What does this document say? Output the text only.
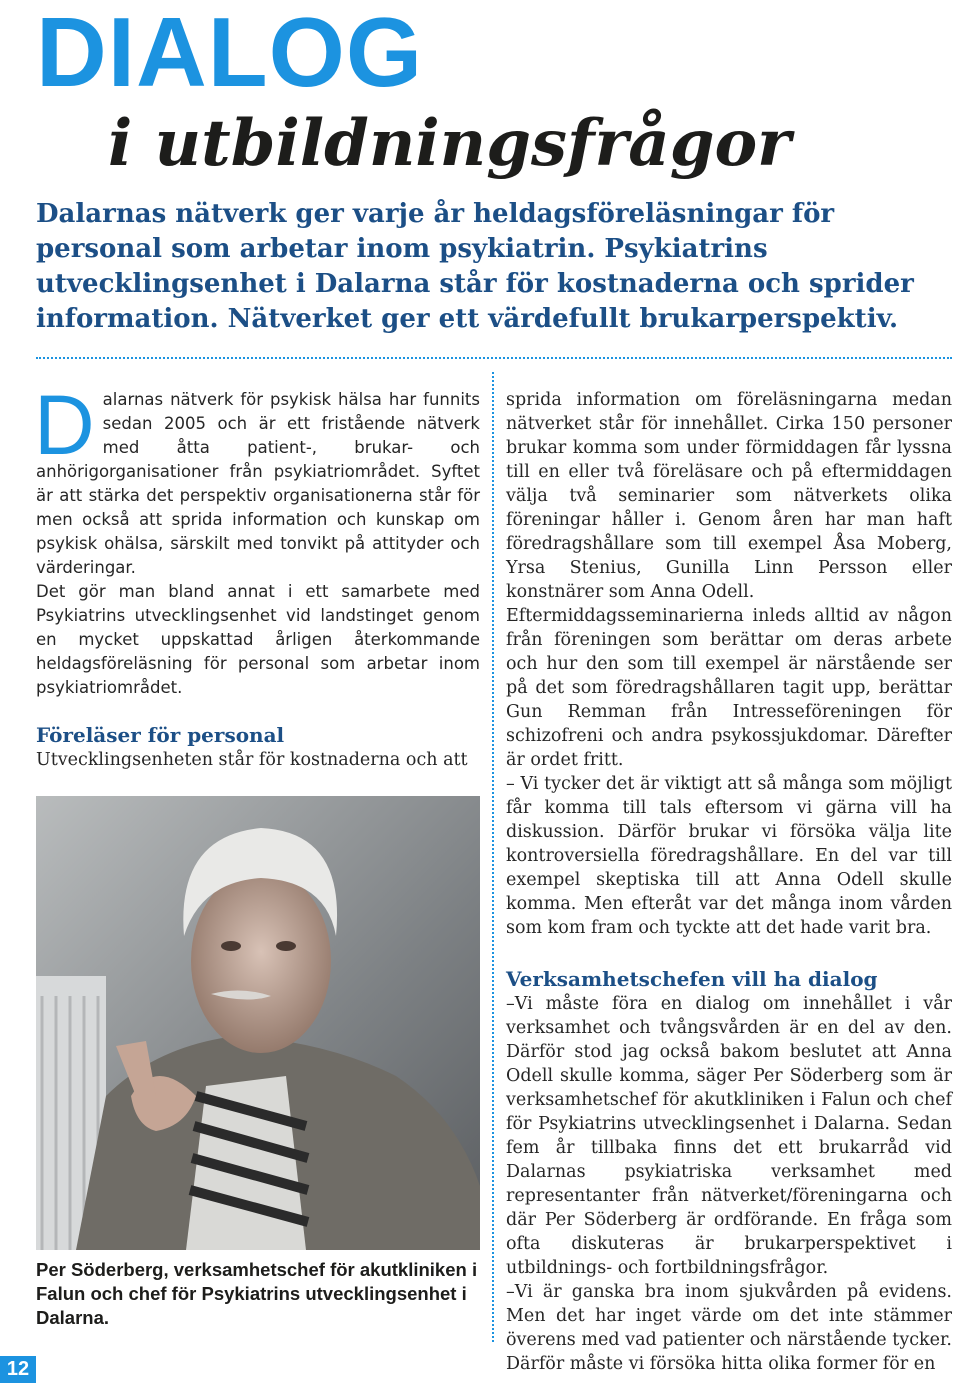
DIALOG
i utbildningsfrågor

Dalarnas nätverk ger varje år heldagsföreläsningar för personal som arbetar inom psykiatrin. Psykiatrins utvecklingsenhet i Dalarna står för kostnaderna och sprider information. Nätverket ger ett värdefullt brukarperspektiv.

Dalarnas nätverk för psykisk hälsa har funnits sedan 2005 och är ett fristående nätverk med åtta patient-, brukar- och anhörigorganisationer från psykiatriområdet. Syftet är att stärka det perspektiv organisationerna står för men också att sprida information och kunskap om psykisk ohälsa, särskilt med tonvikt på attityder och värderingar.

Det gör man bland annat i ett samarbete med Psykiatrins utvecklingsenhet vid landstinget genom en mycket uppskattad årligen återkommande heldagsföreläsning för personal som arbetar inom psykiatriområdet.

Föreläser för personal

Utvecklingsenheten står för kostnaderna och att

Per Söderberg, verksamhetschef för akutkliniken i Falun och chef för Psykiatrins utvecklingsenhet i Dalarna.

sprida information om föreläsningarna medan nätverket står för innehållet. Cirka 150 personer brukar komma som under förmiddagen får lyssna till en eller två föreläsare och på eftermiddagen välja två seminarier som nätverkets olika föreningar håller i. Genom åren har man haft föredragshållare som till exempel Åsa Moberg, Yrsa Stenius, Gunilla Linn Persson eller konstnärer som Anna Odell.

Eftermiddagsseminarierna inleds alltid av någon från föreningen som berättar om deras arbete och hur den som till exempel är närstående ser på det som föredragshållaren tagit upp, berättar Gun Remman från Intresseföreningen för schizofreni och andra psykossjukdomar. Därefter är ordet fritt.

– Vi tycker det är viktigt att så många som möjligt får komma till tals eftersom vi gärna vill ha diskussion. Därför brukar vi försöka välja lite kontroversiella föredragshållare. En del var till exempel skeptiska till att Anna Odell skulle komma. Men efteråt var det många inom vården som kom fram och tyckte att det hade varit bra.

Verksamhetschefen vill ha dialog

–Vi måste föra en dialog om innehållet i vår verksamhet och tvångsvården är en del av den. Därför stod jag också bakom beslutet att Anna Odell skulle komma, säger Per Söderberg som är verksamhetschef för akutkliniken i Falun och chef för Psykiatrins utvecklingsenhet i Dalarna. Sedan fem år tillbaka finns det ett brukarråd vid Dalarnas psykiatriska verksamhet med representanter från nätverket/föreningarna och där Per Söderberg är ordförande. En fråga som ofta diskuteras är brukarperspektivet i utbildnings- och fortbildningsfrågor.

–Vi är ganska bra inom sjukvården på evidens. Men det har inget värde om det inte stämmer överens med vad patienter och närstående tycker. Därför måste vi försöka hitta olika former för en

12
